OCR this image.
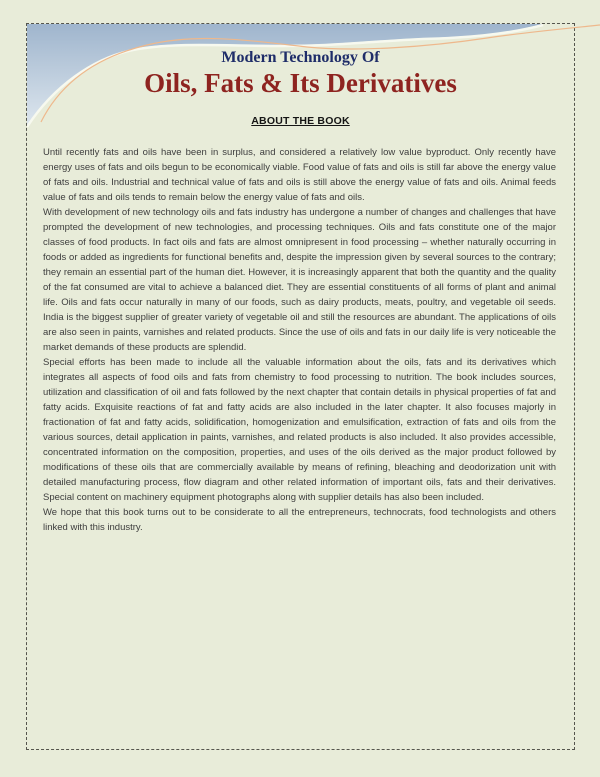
Modern Technology Of
Oils, Fats & Its Derivatives
ABOUT THE BOOK

Until recently fats and oils have been in surplus, and considered a relatively low value byproduct. Only recently have energy uses of fats and oils begun to be economically viable. Food value of fats and oils is still far above the energy value of fats and oils. Industrial and technical value of fats and oils is still above the energy value of fats and oils. Animal feeds value of fats and oils tends to remain below the energy value of fats and oils.

With development of new technology oils and fats industry has undergone a number of changes and challenges that have prompted the development of new technologies, and processing techniques. Oils and fats constitute one of the major classes of food products. In fact oils and fats are almost omnipresent in food processing – whether naturally occurring in foods or added as ingredients for functional benefits and, despite the impression given by several sources to the contrary; they remain an essential part of the human diet. However, it is increasingly apparent that both the quantity and the quality of the fat consumed are vital to achieve a balanced diet. They are essential constituents of all forms of plant and animal life. Oils and fats occur naturally in many of our foods, such as dairy products, meats, poultry, and vegetable oil seeds. India is the biggest supplier of greater variety of vegetable oil and still the resources are abundant. The applications of oils are also seen in paints, varnishes and related products. Since the use of oils and fats in our daily life is very noticeable the market demands of these products are splendid.

Special efforts has been made to include all the valuable information about the oils, fats and its derivatives which integrates all aspects of food oils and fats from chemistry to food processing to nutrition. The book includes sources, utilization and classification of oil and fats followed by the next chapter that contain details in physical properties of fat and fatty acids. Exquisite reactions of fat and fatty acids are also included in the later chapter. It also focuses majorly in fractionation of fat and fatty acids, solidification, homogenization and emulsification, extraction of fats and oils from the various sources, detail application in paints, varnishes, and related products is also included. It also provides accessible, concentrated information on the composition, properties, and uses of the oils derived as the major product followed by modifications of these oils that are commercially available by means of refining, bleaching and deodorization unit with detailed manufacturing process, flow diagram and other related information of important oils, fats and their derivatives. Special content on machinery equipment photographs along with supplier details has also been included.

We hope that this book turns out to be considerate to all the entrepreneurs, technocrats, food technologists and others linked with this industry.
